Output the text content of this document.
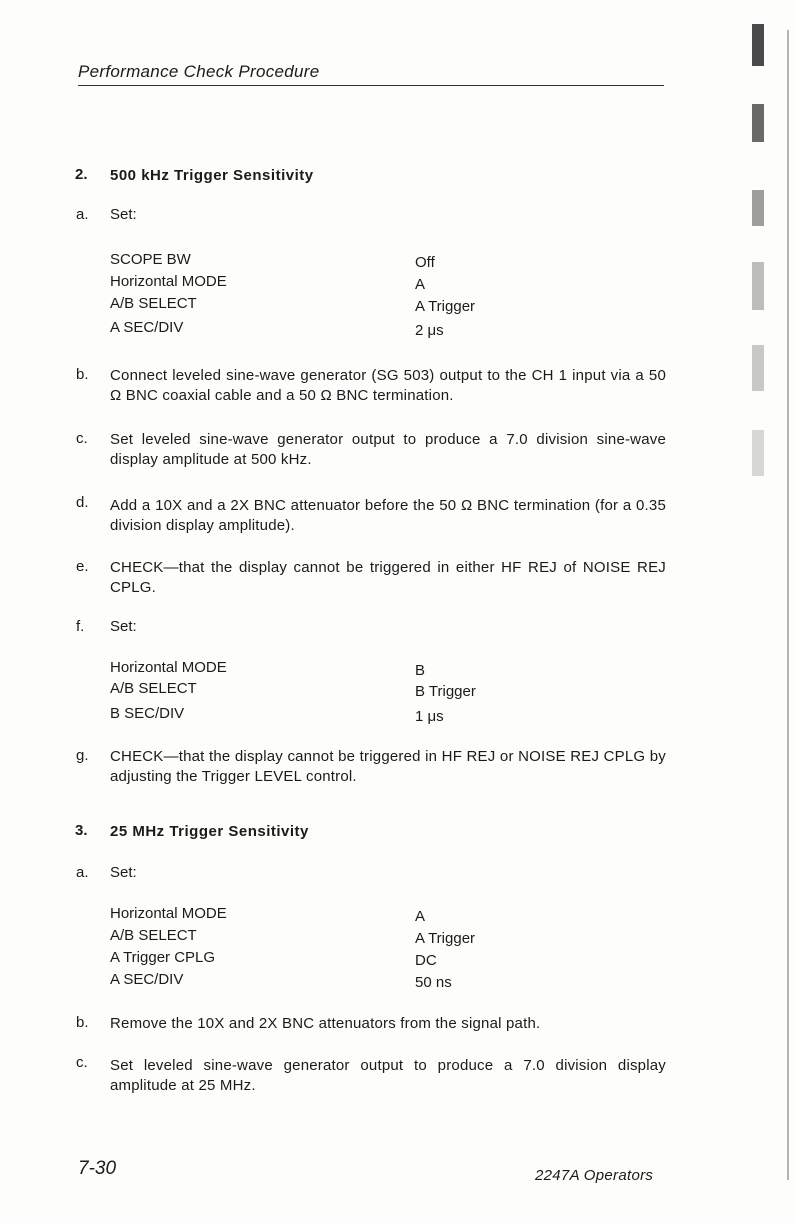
Performance Check Procedure
2. 500 kHz Trigger Sensitivity
a. Set:
SCOPE BW	Off
Horizontal MODE	A
A/B SELECT	A Trigger
A SEC/DIV	2 μs
b. Connect leveled sine-wave generator (SG 503) output to the CH 1 input via a 50 Ω BNC coaxial cable and a 50 Ω BNC termination.
c. Set leveled sine-wave generator output to produce a 7.0 division sine-wave display amplitude at 500 kHz.
d. Add a 10X and a 2X BNC attenuator before the 50 Ω BNC termination (for a 0.35 division display amplitude).
e. CHECK—that the display cannot be triggered in either HF REJ of NOISE REJ CPLG.
f. Set:
Horizontal MODE	B
A/B SELECT	B Trigger
B SEC/DIV	1 μs
g. CHECK—that the display cannot be triggered in HF REJ or NOISE REJ CPLG by adjusting the Trigger LEVEL control.
3. 25 MHz Trigger Sensitivity
a. Set:
Horizontal MODE	A
A/B SELECT	A Trigger
A Trigger CPLG	DC
A SEC/DIV	50 ns
b. Remove the 10X and 2X BNC attenuators from the signal path.
c. Set leveled sine-wave generator output to produce a 7.0 division display amplitude at 25 MHz.
7-30	2247A Operators
